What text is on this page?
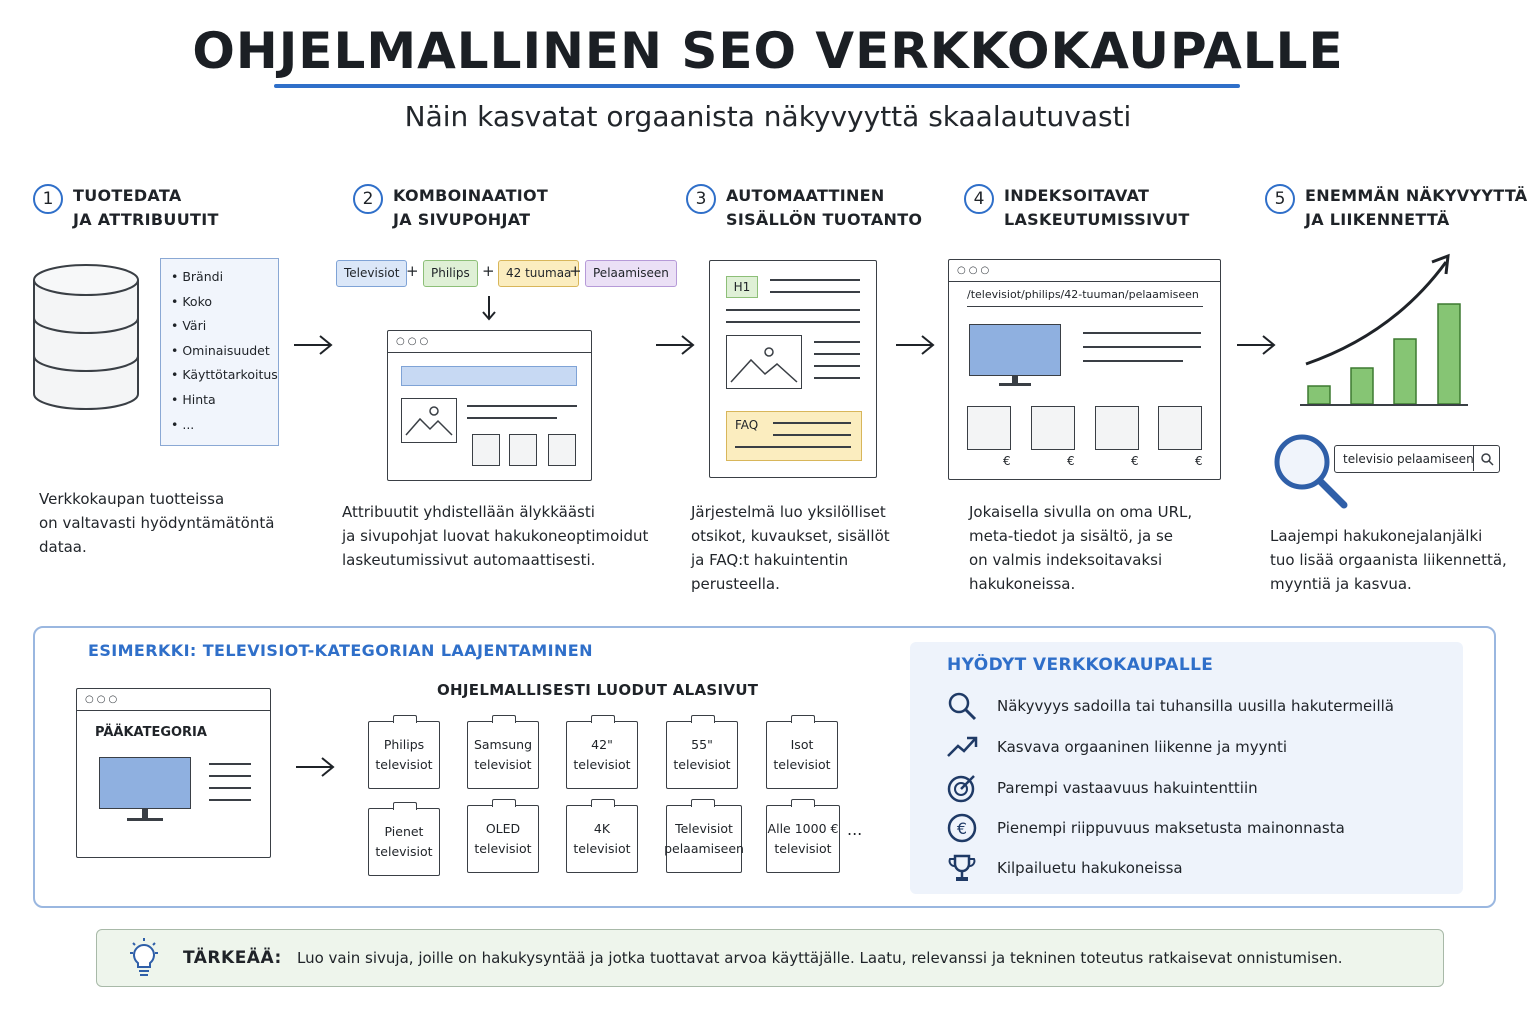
OHJELMALLINEN SEO VERKKOKAUPALLE
Näin kasvatat orgaanista näkyvyyttä skaalautuvasti
1	TUOTEDATA
JA ATTRIBUUTIT
2	KOMBOINAATIOT
JA SIVUPOHJAT
3	AUTOMAATTINEN
SISÄLLÖN TUOTANTO
4	INDEKSOITAVAT
LASKEUTUMISSIVUT
5	ENEMMÄN NÄKYVYYTTÄ
JA LIIKENNETTÄ
• Brändi
• Koko
• Väri
• Ominaisuudet
• Käyttötarkoitus
• Hinta
• ...
Televisiot +	Philips + 42 tuumaa
+ Pelaamiseen
○○○
H1
FAQ
○○○
/televisiot/philips/42-tuuman/pelaamiseen
€	€	€	€	televisio pelaamiseen
Verkkokaupan tuotteissa
on valtavasti hyödyntämätöntä
dataa.
Attribuutit yhdistellään älykkäästi
ja sivupohjat luovat hakukoneoptimoidut
laskeutumissivut automaattisesti.
Järjestelmä luo yksilölliset
otsikot, kuvaukset, sisällöt
ja FAQ:t hakuintentin
perusteella.
Jokaisella sivulla on oma URL,
meta-tiedot ja sisältö, ja se
on valmis indeksoitavaksi
hakukoneissa.
Laajempi hakukonejalanjälki
tuo lisää orgaanista liikennettä,
myyntiä ja kasvua.
ESIMERKKI: TELEVISIOT-KATEGORIAN LAAJENTAMINEN
○○○
PÄÄKATEGORIA
OHJELMALLISESTI LUODUT ALASIVUT
Philips
televisiot
Samsung
televisiot
42"
televisiot
55"
televisiot
Isot
televisiot
Pienet
televisiot
OLED
televisiot
4K
televisiot
Televisiot
pelaamiseen
Alle 1000 €
televisiot
...
HYÖDYT VERKKOKAUPALLE
Näkyvyys sadoilla tai tuhansilla uusilla hakutermeillä
Kasvava orgaaninen liikenne ja myynti
Parempi vastaavuus hakuintenttiin
€ Pienempi riippuvuus maksetusta mainonnasta
Kilpailuetu hakukoneissa
TÄRKEÄÄ: Luo vain sivuja, joille on hakukysyntää ja jotka tuottavat arvoa käyttäjälle. Laatu, relevanssi ja tekninen toteutus ratkaisevat onnistumisen.
